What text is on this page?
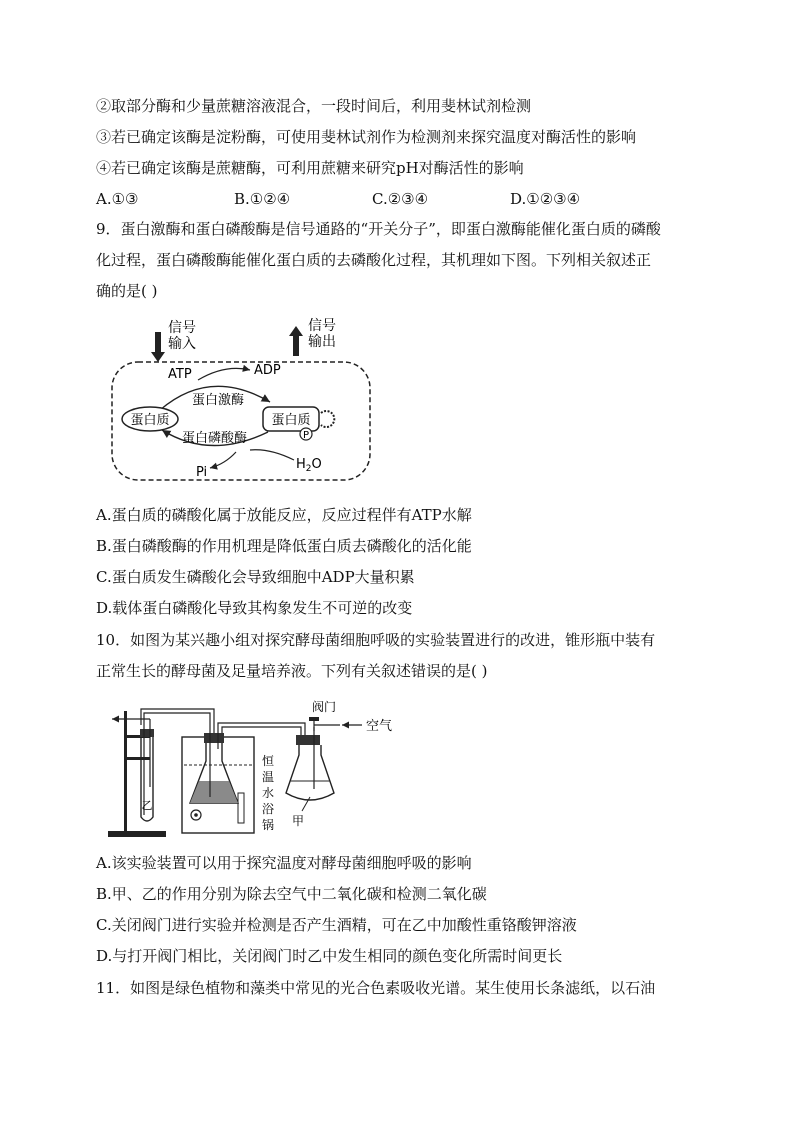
②取部分酶和少量蔗糖溶液混合，一段时间后，利用斐林试剂检测
③若已确定该酶是淀粉酶，可使用斐林试剂作为检测剂来探究温度对酶活性的影响
④若已确定该酶是蔗糖酶，可利用蔗糖来研究pH对酶活性的影响
A.①③	B.①②④	C.②③④	D.①②③④
9．蛋白激酶和蛋白磷酸酶是信号通路的“开关分子”，即蛋白激酶能催化蛋白质的磷酸
化过程，蛋白磷酸酶能催化蛋白质的去磷酸化过程，其机理如下图。下列相关叙述正
确的是( )
信号
输入
信号
输出
ATP	ADP
蛋白激酶
蛋白磷酸酶
蛋白质	蛋白质
P
Pi
$H_2O$
A.蛋白质的磷酸化属于放能反应，反应过程伴有ATP水解
B.蛋白磷酸酶的作用机理是降低蛋白质去磷酸化的活化能
C.蛋白质发生磷酸化会导致细胞中ADP大量积累
D.载体蛋白磷酸化导致其构象发生不可逆的改变
10．如图为某兴趣小组对探究酵母菌细胞呼吸的实验装置进行的改进，锥形瓶中装有
正常生长的酵母菌及足量培养液。下列有关叙述错误的是( )
乙
恒
温
水
浴
锅 甲
阀门
空气
A.该实验装置可以用于探究温度对酵母菌细胞呼吸的影响
B.甲、乙的作用分别为除去空气中二氧化碳和检测二氧化碳
C.关闭阀门进行实验并检测是否产生酒精，可在乙中加酸性重铬酸钾溶液
D.与打开阀门相比，关闭阀门时乙中发生相同的颜色变化所需时间更长
11．如图是绿色植物和藻类中常见的光合色素吸收光谱。某生使用长条滤纸，以石油
